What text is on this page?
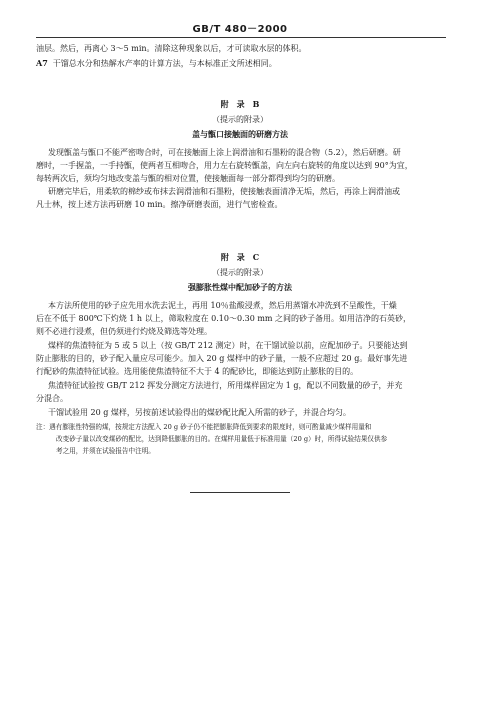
GB/T 480－2000
油层。然后，再离心 3～5 min。清除这种现象以后，才可读取水层的体积。
A7 干馏总水分和热解水产率的计算方法，与本标准正文所述相同。
附　录　B
（提示的附录）
盖与甑口接触面的研磨方法
发现甑盖与甑口不能严密吻合时，可在接触面上涂上润滑油和石墨粉的混合物（5.2），然后研磨。研
磨时，一手握盖，一手持甑，使两者互相吻合，用力左右旋转甑盖，向左向右旋转的角度以达到 90°为宜，
每转两次后，须均匀地改变盖与甑的相对位置，使接触面每一部分都得到均匀的研磨。
研磨完毕后，用柔软的棉纱或布抹去润滑油和石墨粉，使接触表面清净无垢，然后，再涂上润滑油或
凡士林，按上述方法再研磨 10 min。擦净研磨表面，进行气密检查。
附　录　C
（提示的附录）
强膨胀性煤中配加砂子的方法
本方法所使用的砂子应先用水洗去泥土，再用 10％盐酸浸煮，然后用蒸馏水冲洗到不呈酸性，干燥
后在不低于 800℃下灼烧 1 h 以上，筛取粒度在 0.10～0.30 mm 之间的砂子备用。如用洁净的石英砂，
则不必进行浸煮，但仍须进行灼烧及筛选等处理。
煤样的焦渣特征为 5 或 5 以上（按 GB/T 212 测定）时，在干馏试验以前，应配加砂子。只要能达到
防止膨胀的目的，砂子配入量应尽可能少。加入 20 g 煤样中的砂子量，一般不应超过 20 g。最好事先进
行配砂的焦渣特征试验。选用能使焦渣特征不大于 4 的配砂比，即能达到防止膨胀的目的。
焦渣特征试验按 GB/T 212 挥发分测定方法进行，所用煤样固定为 1 g，配以不同数量的砂子，并充
分混合。
干馏试验用 20 g 煤样，另按前述试验得出的煤砂配比配入所需的砂子，并混合均匀。
注：遇有膨胀性特强的煤，按规定方法配入 20 g 砂子仍不能把膨胀降低到要求的限度时，则可酌量减少煤样用量和
改变砂子量以改变煤砂的配比，达到降低膨胀的目的。在煤样用量低于标准用量（20 g）时，所得试验结果仅供参
考之用，并须在试验报告中注明。
